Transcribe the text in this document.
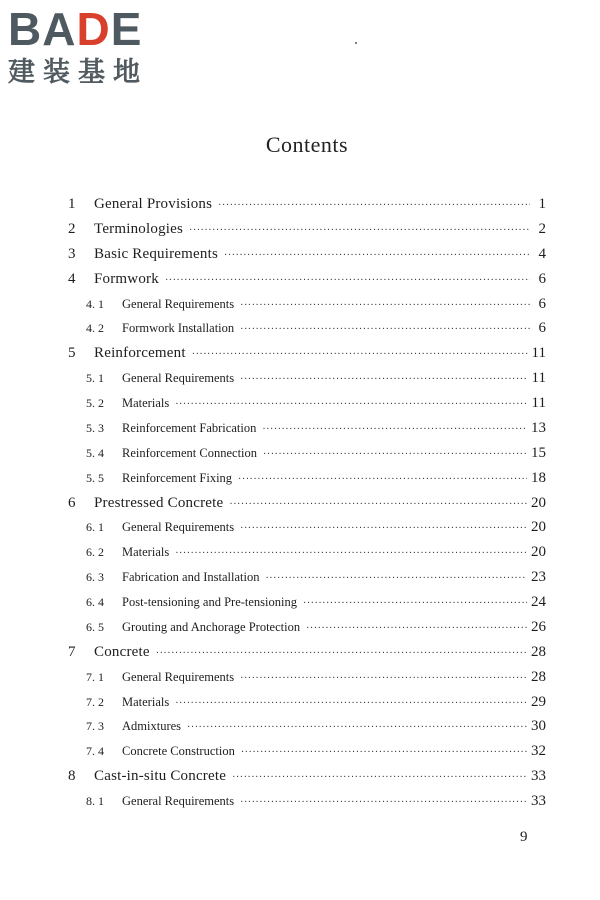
BADE
建装基地
Contents
1	General Provisions ·····	1
2	Terminologies ·····	2
3	Basic Requirements ·····	4
4	Formwork ·····	6
4. 1	General Requirements ·····	6
4. 2	Formwork Installation ·····	6
5	Reinforcement ·····	11
5. 1	General Requirements ·····	11
5. 2	Materials ·····	11
5. 3	Reinforcement Fabrication ·····	13
5. 4	Reinforcement Connection ·····	15
5. 5	Reinforcement Fixing ·····	18
6	Prestressed Concrete ·····	20
6. 1	General Requirements ·····	20
6. 2	Materials ·····	20
6. 3	Fabrication and Installation ·····	23
6. 4	Post-tensioning and Pre-tensioning ·····	24
6. 5	Grouting and Anchorage Protection ·····	26
7	Concrete ·····	28
7. 1	General Requirements ·····	28
7. 2	Materials ·····	29
7. 3	Admixtures ·····	30
7. 4	Concrete Construction ·····	32
8	Cast-in-situ Concrete ·····	33
8. 1	General Requirements ·····	33
9
